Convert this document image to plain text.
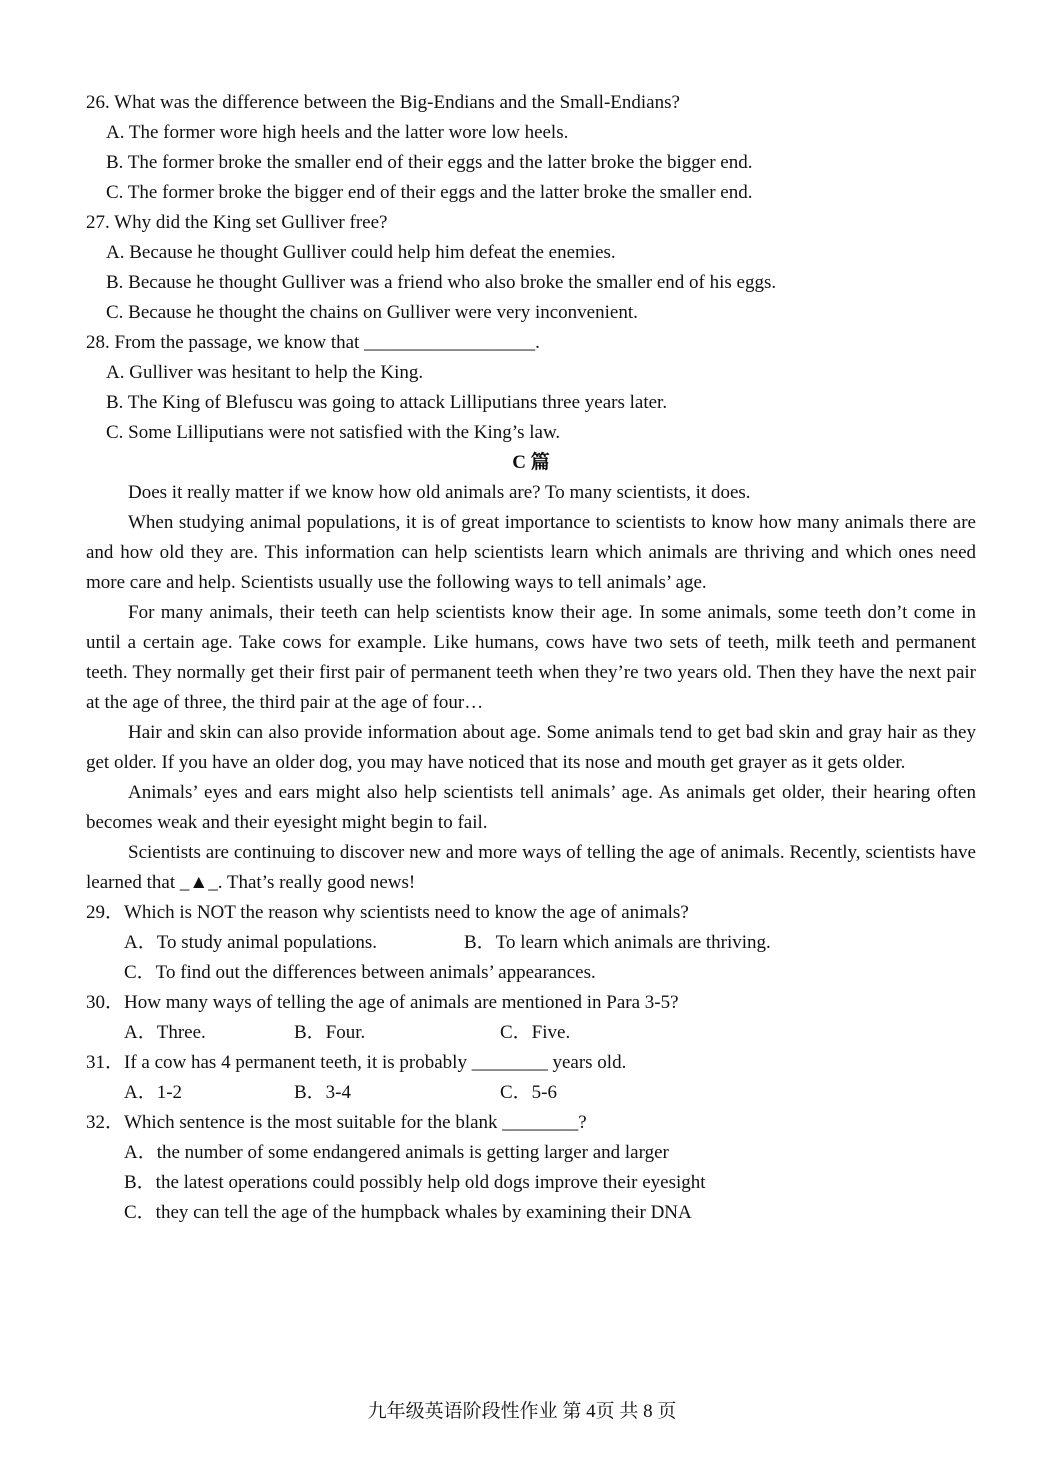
26. What was the difference between the Big-Endians and the Small-Endians?
A. The former wore high heels and the latter wore low heels.
B. The former broke the smaller end of their eggs and the latter broke the bigger end.
C. The former broke the bigger end of their eggs and the latter broke the smaller end.
27. Why did the King set Gulliver free?
A. Because he thought Gulliver could help him defeat the enemies.
B. Because he thought Gulliver was a friend who also broke the smaller end of his eggs.
C. Because he thought the chains on Gulliver were very inconvenient.
28. From the passage, we know that __________________.
A. Gulliver was hesitant to help the King.
B. The King of Blefuscu was going to attack Lilliputians three years later.
C. Some Lilliputians were not satisfied with the King’s law.
C 篇
Does it really matter if we know how old animals are? To many scientists, it does.
When studying animal populations, it is of great importance to scientists to know how many animals there are and how old they are. This information can help scientists learn which animals are thriving and which ones need more care and help. Scientists usually use the following ways to tell animals’ age.
For many animals, their teeth can help scientists know their age. In some animals, some teeth don’t come in until a certain age. Take cows for example. Like humans, cows have two sets of teeth, milk teeth and permanent teeth. They normally get their first pair of permanent teeth when they’re two years old. Then they have the next pair at the age of three, the third pair at the age of four…
Hair and skin can also provide information about age. Some animals tend to get bad skin and gray hair as they get older. If you have an older dog, you may have noticed that its nose and mouth get grayer as it gets older.
Animals’ eyes and ears might also help scientists tell animals’ age. As animals get older, their hearing often becomes weak and their eyesight might begin to fail.
Scientists are continuing to discover new and more ways of telling the age of animals. Recently, scientists have learned that _▲_. That’s really good news!
29．Which is NOT the reason why scientists need to know the age of animals?
A．To study animal populations.	B．To learn which animals are thriving.
C．To find out the differences between animals’ appearances.
30．How many ways of telling the age of animals are mentioned in Para 3-5?
A．Three.	B．Four.	C．Five.
31．If a cow has 4 permanent teeth, it is probably ________ years old.
A．1-2	B．3-4	C．5-6
32．Which sentence is the most suitable for the blank ________?
A．the number of some endangered animals is getting larger and larger
B．the latest operations could possibly help old dogs improve their eyesight
C．they can tell the age of the humpback whales by examining their DNA
九年级英语阶段性作业 第 4页 共 8 页
